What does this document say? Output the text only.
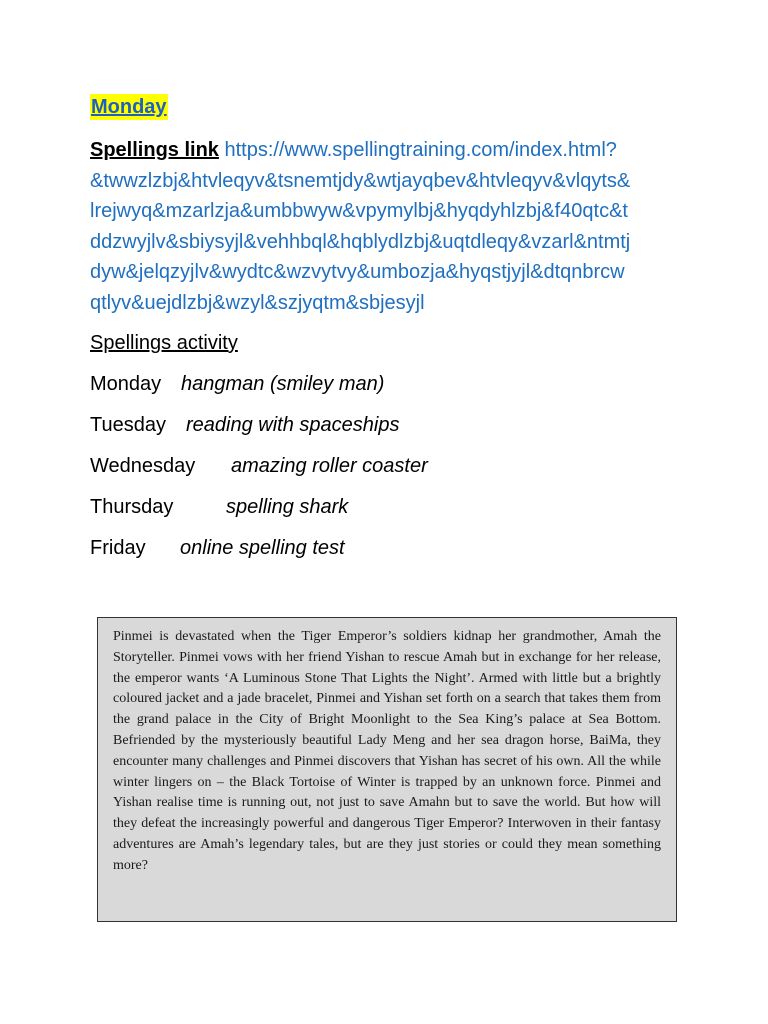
Monday
Spellings link https://www.spellingtraining.com/index.html?
&twwzlzbj&htvleqyv&tsnemtjdy&wtjayqbev&htvleqyv&vlqyts&
lrejwyq&mzarlzja&umbbwyw&vpymylbj&hyqdyhlzbj&f40qtc&t
ddzwyjlv&sbiysyjl&vehhbql&hqblydlzbj&uqtdleqy&vzarl&ntmtj
dyw&jelqzyjlv&wydtc&wzvytvy&umbozja&hyqstjyjl&dtqnbrcw
qtlyv&uejdlzbj&wzyl&szjyqtm&sbjesyjl
Spellings activity
Monday hangman (smiley man)
Tuesday reading with spaceships
Wednesday amazing roller coaster
Thursday	spelling shark
Friday online spelling test
Pinmei is devastated when the Tiger Emperor’s soldiers kidnap her grandmother, Amah the Storyteller. Pinmei vows with her friend Yishan to rescue Amah but in exchange for her release, the emperor wants ‘A Luminous Stone That Lights the Night’. Armed with little but a brightly coloured jacket and a jade bracelet, Pinmei and Yishan set forth on a search that takes them from the grand palace in the City of Bright Moonlight to the Sea King’s palace at Sea Bottom. Befriended by the mysteriously beautiful Lady Meng and her sea dragon horse, BaiMa, they encounter many challenges and Pinmei discovers that Yishan has secret of his own. All the while winter lingers on – the Black Tortoise of Winter is trapped by an unknown force. Pinmei and Yishan realise time is running out, not just to save Amahn but to save the world. But how will they defeat the increasingly powerful and dangerous Tiger Emperor? Interwoven in their fantasy adventures are Amah’s legendary tales, but are they just stories or could they mean something more?
